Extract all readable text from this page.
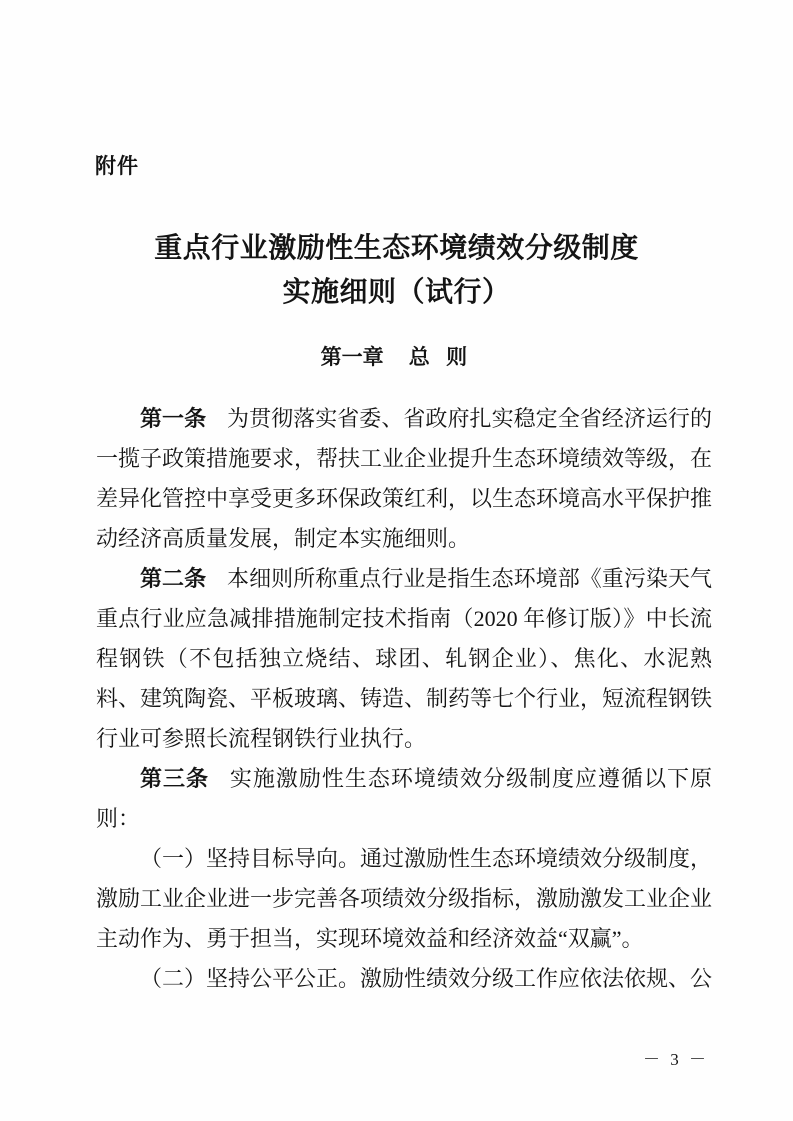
附件
重点行业激励性生态环境绩效分级制度
实施细则（试行）
第一章 总 则

第一条 为贯彻落实省委、省政府扎实稳定全省经济运行的一揽子政策措施要求，帮扶工业企业提升生态环境绩效等级，在差异化管控中享受更多环保政策红利，以生态环境高水平保护推动经济高质量发展，制定本实施细则。

第二条 本细则所称重点行业是指生态环境部《重污染天气重点行业应急减排措施制定技术指南（2020 年修订版）》中长流程钢铁（不包括独立烧结、球团、轧钢企业）、焦化、水泥熟料、建筑陶瓷、平板玻璃、铸造、制药等七个行业，短流程钢铁行业可参照长流程钢铁行业执行。

第三条 实施激励性生态环境绩效分级制度应遵循以下原则：

（一）坚持目标导向。通过激励性生态环境绩效分级制度，激励工业企业进一步完善各项绩效分级指标，激励激发工业企业主动作为、勇于担当，实现环境效益和经济效益“双赢”。

（二）坚持公平公正。激励性绩效分级工作应依法依规、公

－ 3 －
